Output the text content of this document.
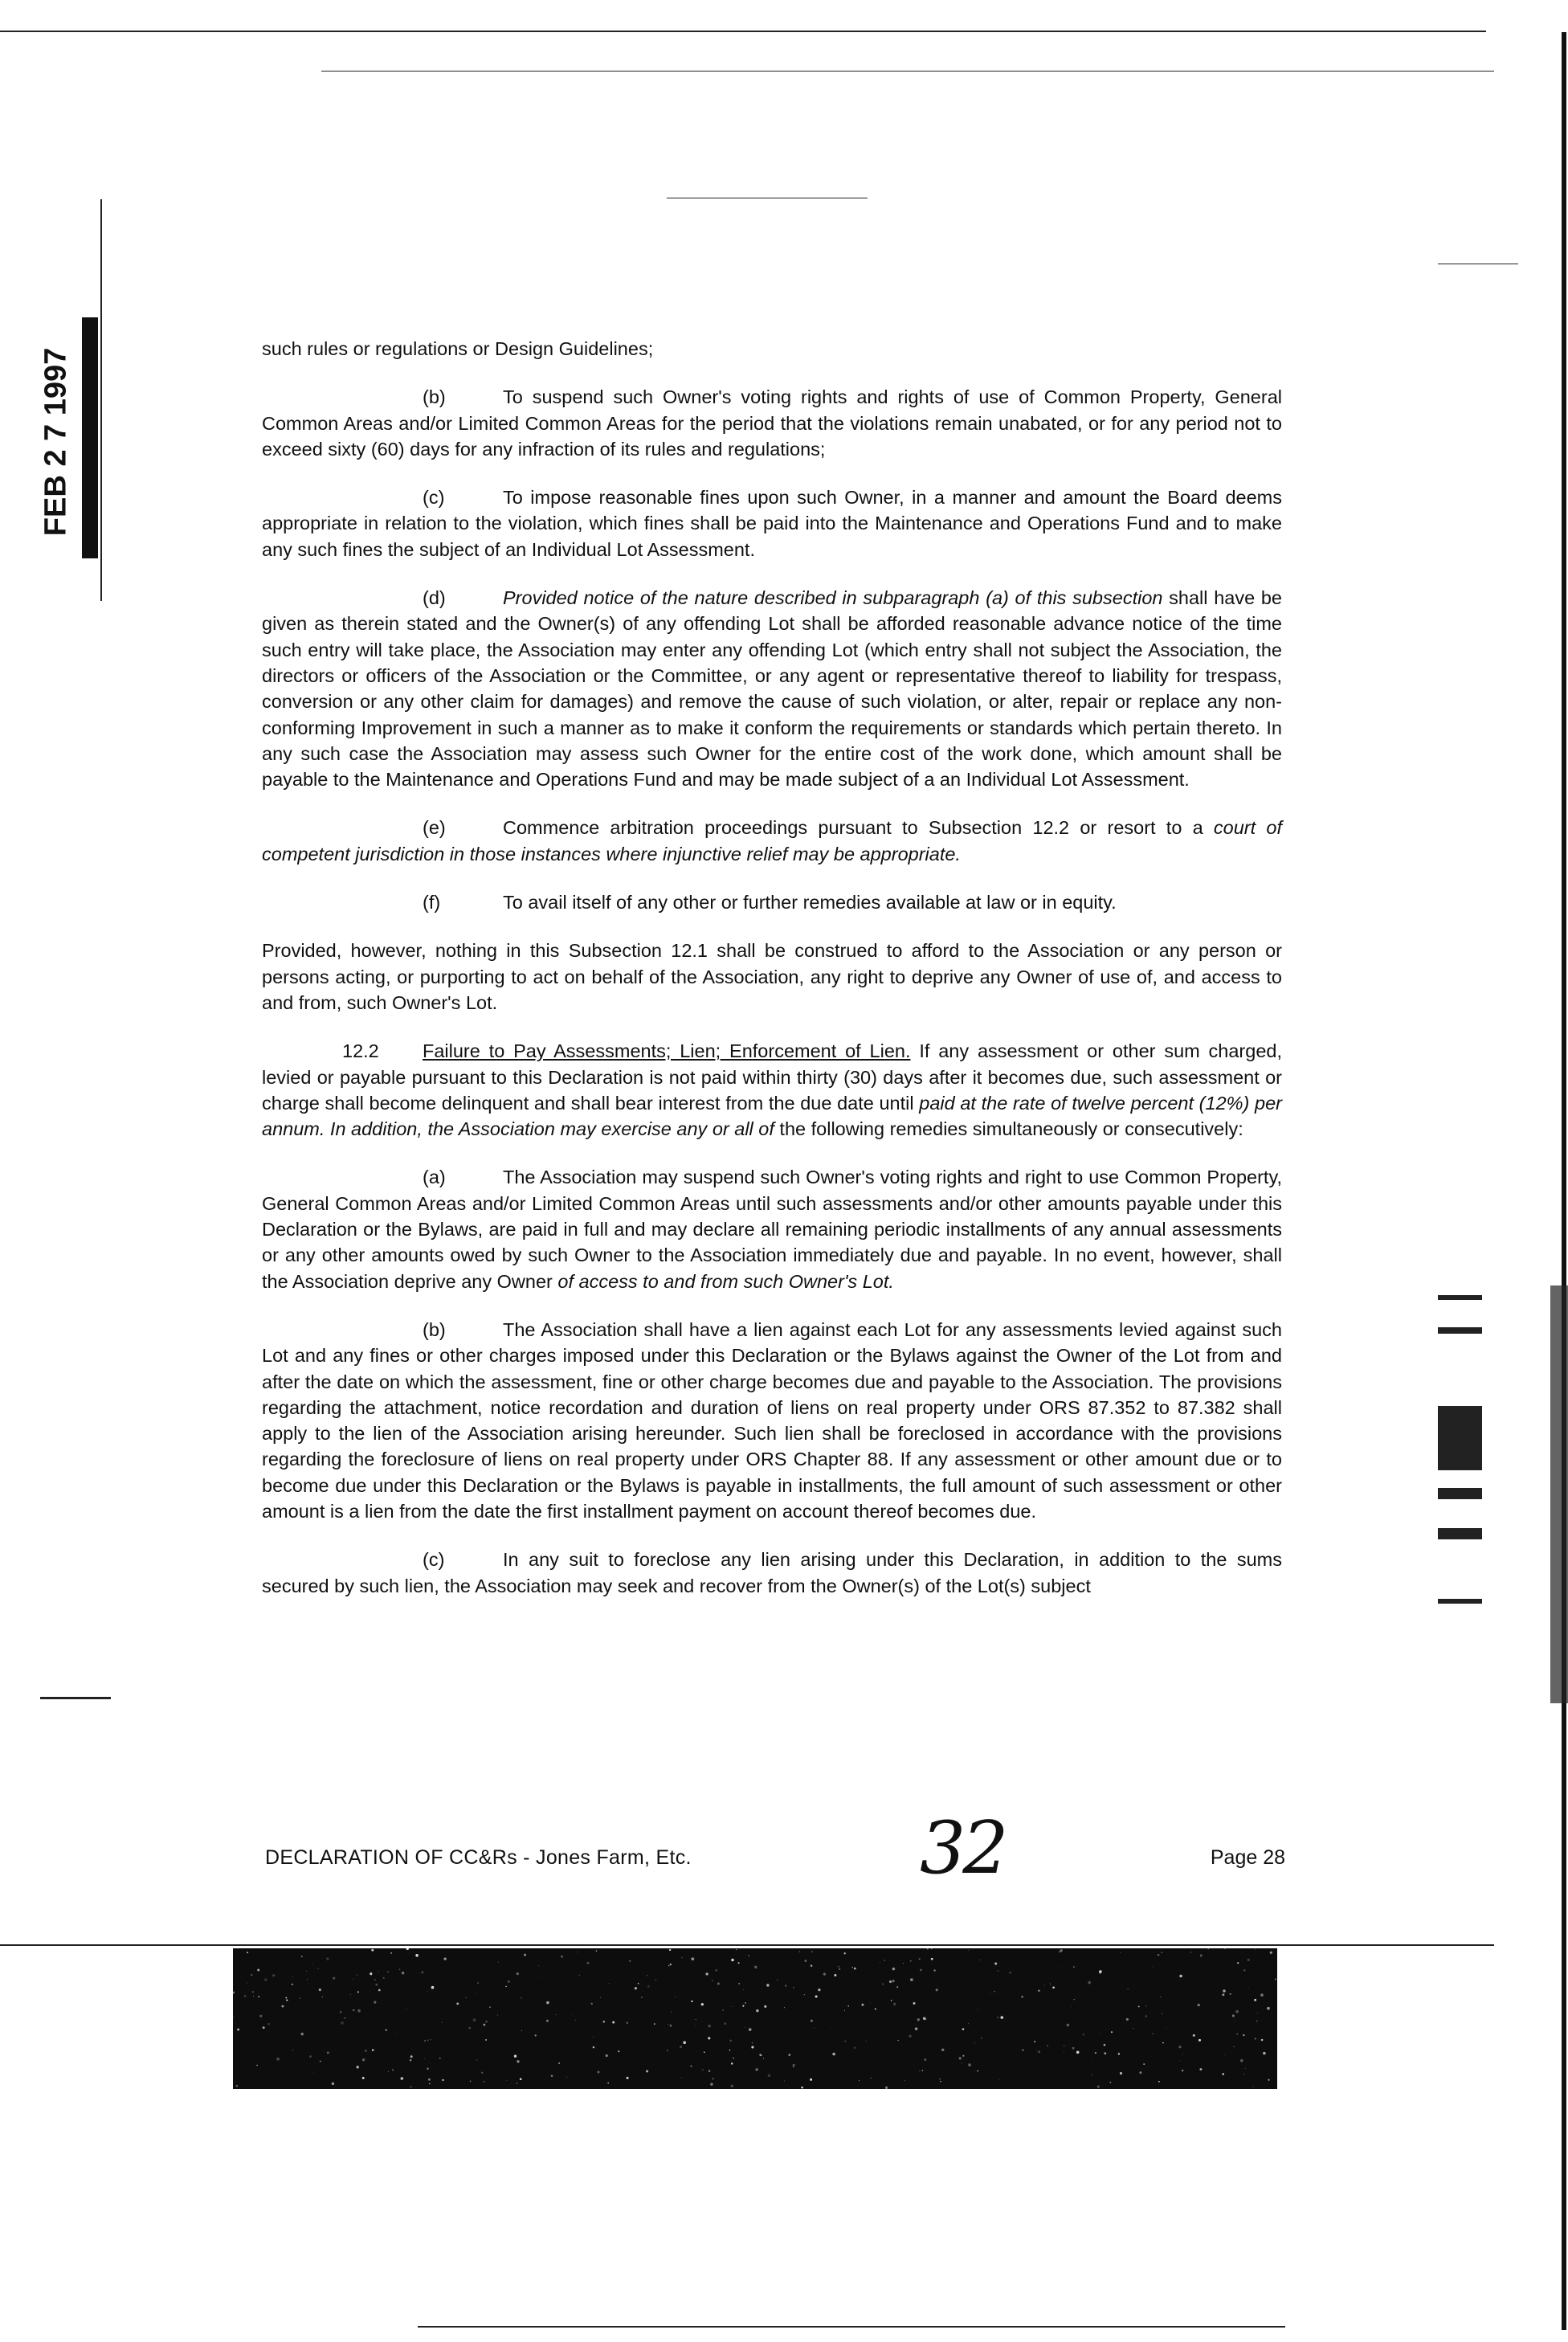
FEB 2 7 1997	such rules or regulations or Design Guidelines;

(b)	To suspend such Owner's voting rights and rights of use of Common Property, General Common Areas and/or Limited Common Areas for the period that the violations remain unabated, or for any period not to exceed sixty (60) days for any infraction of its rules and regulations;

(c)	To impose reasonable fines upon such Owner, in a manner and amount the Board deems appropriate in relation to the violation, which fines shall be paid into the Maintenance and Operations Fund and to make any such fines the subject of an Individual Lot Assessment.

(d)	Provided notice of the nature described in subparagraph (a) of this subsection shall have be given as therein stated and the Owner(s) of any offending Lot shall be afforded reasonable advance notice of the time such entry will take place, the Association may enter any offending Lot (which entry shall not subject the Association, the directors or officers of the Association or the Committee, or any agent or representative thereof to liability for trespass, conversion or any other claim for damages) and remove the cause of such violation, or alter, repair or replace any non-conforming Improvement in such a manner as to make it conform the requirements or standards which pertain thereto. In any such case the Association may assess such Owner for the entire cost of the work done, which amount shall be payable to the Maintenance and Operations Fund and may be made subject of a an Individual Lot Assessment.

(e)	Commence arbitration proceedings pursuant to Subsection 12.2 or resort to a court of competent jurisdiction in those instances where injunctive relief may be appropriate.

(f)	To avail itself of any other or further remedies available at law or in equity.

Provided, however, nothing in this Subsection 12.1 shall be construed to afford to the Association or any person or persons acting, or purporting to act on behalf of the Association, any right to deprive any Owner of use of, and access to and from, such Owner's Lot.

12.2 Failure to Pay Assessments; Lien; Enforcement of Lien. If any assessment or other sum charged, levied or payable pursuant to this Declaration is not paid within thirty (30) days after it becomes due, such assessment or charge shall become delinquent and shall bear interest from the due date until paid at the rate of twelve percent (12%) per annum. In addition, the Association may exercise any or all of the following remedies simultaneously or consecutively:

(a)	The Association may suspend such Owner's voting rights and right to use Common Property, General Common Areas and/or Limited Common Areas until such assessments and/or other amounts payable under this Declaration or the Bylaws, are paid in full and may declare all remaining periodic installments of any annual assessments or any other amounts owed by such Owner to the Association immediately due and payable. In no event, however, shall the Association deprive any Owner of access to and from such Owner's Lot.

(b)	The Association shall have a lien against each Lot for any assessments levied against such Lot and any fines or other charges imposed under this Declaration or the Bylaws against the Owner of the Lot from and after the date on which the assessment, fine or other charge becomes due and payable to the Association. The provisions regarding the attachment, notice recordation and duration of liens on real property under ORS 87.352 to 87.382 shall apply to the lien of the Association arising hereunder. Such lien shall be foreclosed in accordance with the provisions regarding the foreclosure of liens on real property under ORS Chapter 88. If any assessment or other amount due or to become due under this Declaration or the Bylaws is payable in installments, the full amount of such assessment or other amount is a lien from the date the first installment payment on account thereof becomes due.

(c)	In any suit to foreclose any lien arising under this Declaration, in addition to the sums secured by such lien, the Association may seek and recover from the Owner(s) of the Lot(s) subject

DECLARATION OF CC&Rs - Jones Farm, Etc.	32	Page 28
